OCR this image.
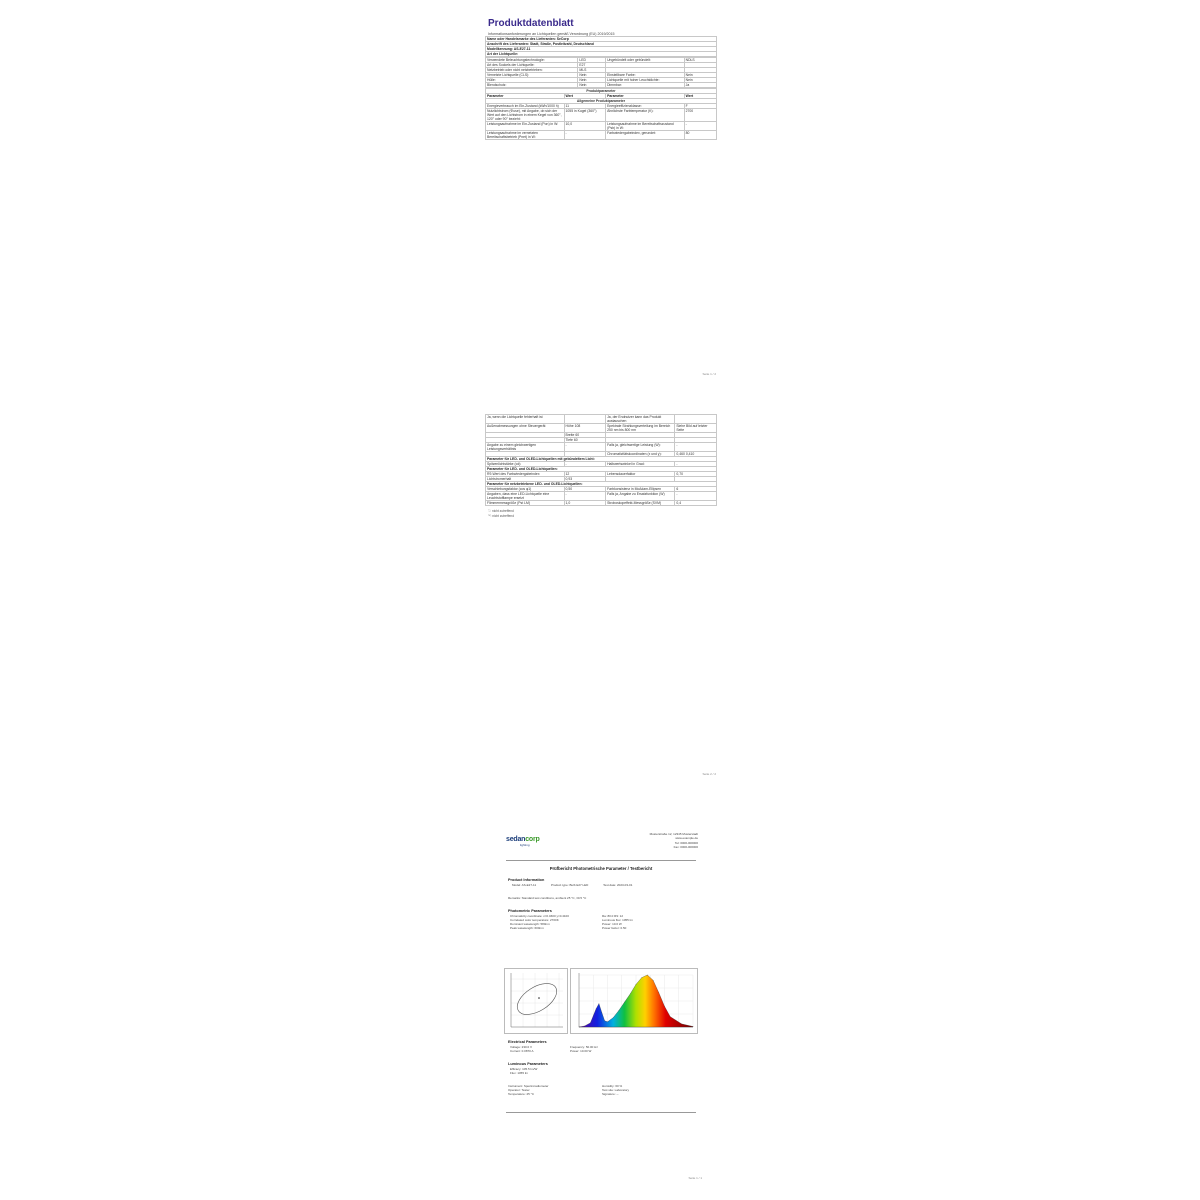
Produktdatenblatt
Informationsanforderungen an Lichtquellen gemäß Verordnung (EU) 2019/2015
Name oder Handelsmarke des Lieferanten: SeCorp
Anschrift des Lieferanten: Stadt, Straße, Postleitzahl, Deutschland
Modellkennung: AS-E27-11
Art der Lichtquelle:
Verwendete Beleuchtungstechnologie:	LED	Ungebündelt oder gebündelt:	NDLS
Art des Sockels der Lichtquelle:	E27		
Netzbetrieb oder nicht netzbetrieben:	MLS		
Vernetzte Lichtquelle (CLS):	Nein	Einstellbare Farbe:	Nein
Hülle:	Nein	Lichtquelle mit hoher Leuchtdichte:	Nein
Blendschutz:	Nein	Dimmbar:	Ja
Produktparameter			
Parameter	Wert	Parameter	Wert
Allgemeine Produktparameter			
Energieverbrauch im Ein-Zustand (kWh/1000 h)	11	Energieeffizienzklasse:	F
Nutzlichtstrom (Φuse), mit Angabe, ob sich der Wert auf den Lichtstrom in einem Kegel von 360°, 120° oder 90° bezieht:	1055 in Kugel (360°)	Ähnlichste Farbtemperatur (K):	2700
Leistungsaufnahme im Ein-Zustand (Pon) in W:	10,0	Leistungsaufnahme im Bereitschaftszustand (Psb) in W:	-
Leistungsaufnahme im vernetzten Bereitschaftsbetrieb (Pnet) in W:	-	Farbwiedergabeindex, gerundet:	80
Seite 1 / 2
Ja, wenn die Lichtquelle fehlerhaft ist		Ja, der Endnutzer kann das Produkt austauschen	
Außenabmessungen ohne Steuergerät	Höhe 108	Spektrale Strahlungsverteilung im Bereich 250 nm bis 800 nm	Siehe Bild auf letzter Seite
	Breite 60		
	Tiefe 60		
Angabe zu einem gleichwertigen Leistungsverhältnis	-	Falls ja, gleichwertige Leistung (W):	-
		Chromatizitätskoordinaten (x und y):	0,460 0,410
Parameter für LED- und OLED-Lichtquellen mit gebündeltem Licht:			
Spitzenlichtstärke (cd):	-	Halbwertswinkel in Grad:	-
Parameter für LED- und OLED-Lichtquellen:			
R9-Wert des Farbwiedergabeindex	12	Lebensdauerfaktor	0,70
Lichtstromerhalt	0,93		
Parameter für netzbetriebene LED- und OLED-Lichtquellen:			
Verschiebungsfaktor (cos φ1)	0,50	Farbkonsistenz in McAdam-Ellipsen	6
Angaben, dass eine LED-Lichtquelle eine Leuchtstofflampe ersetzt	-	Falls ja, Angabe zu Ersatzfunktion (W)	-
Flimmermessgröße (Pst LM)	1,0	Stroboskopeffekt-Messgröße (SVM)	0,4
'-': nicht zutreffend
'*': nicht zutreffend
Seite 2 / 2
sedancorp
lighting
Musterstraße 12, 12345 Musterstadt
www.example.de
Tel: 0000-000000
Fax: 0000-000000
Prüfbericht Photometrische Parameter / Testbericht
Product Information
Model: AS-E27-11	Product type: Bulb E27 LED	Test date: 2023-03-01
Remarks: Standard test conditions, ambient 25 °C, ±0.5 °C
Photometric Parameters
Chromaticity coordinate: x=0.4600 y=0.4100
Correlated color temperature: 2700K
Dominant wavelength: 580nm
Peak wavelength: 600nm
Ra: 80.0 R9: 12
Luminous flux: 1055 lm
Power: 10.0 W
Power factor: 0.50
Electrical Parameters
Voltage: 230.0 V
Current: 0.0870 A
Frequency: 50.00 Hz
Power: 10.00 W
Luminous Parameters
Efficacy: 105.5 lm/W
Flux: 1055 lm
Instrument: Spectroradiometer
Operator: Tester
Temperature: 25 °C
Humidity: 60 %
Test site: Laboratory
Signature: --
Seite 1 / 1
